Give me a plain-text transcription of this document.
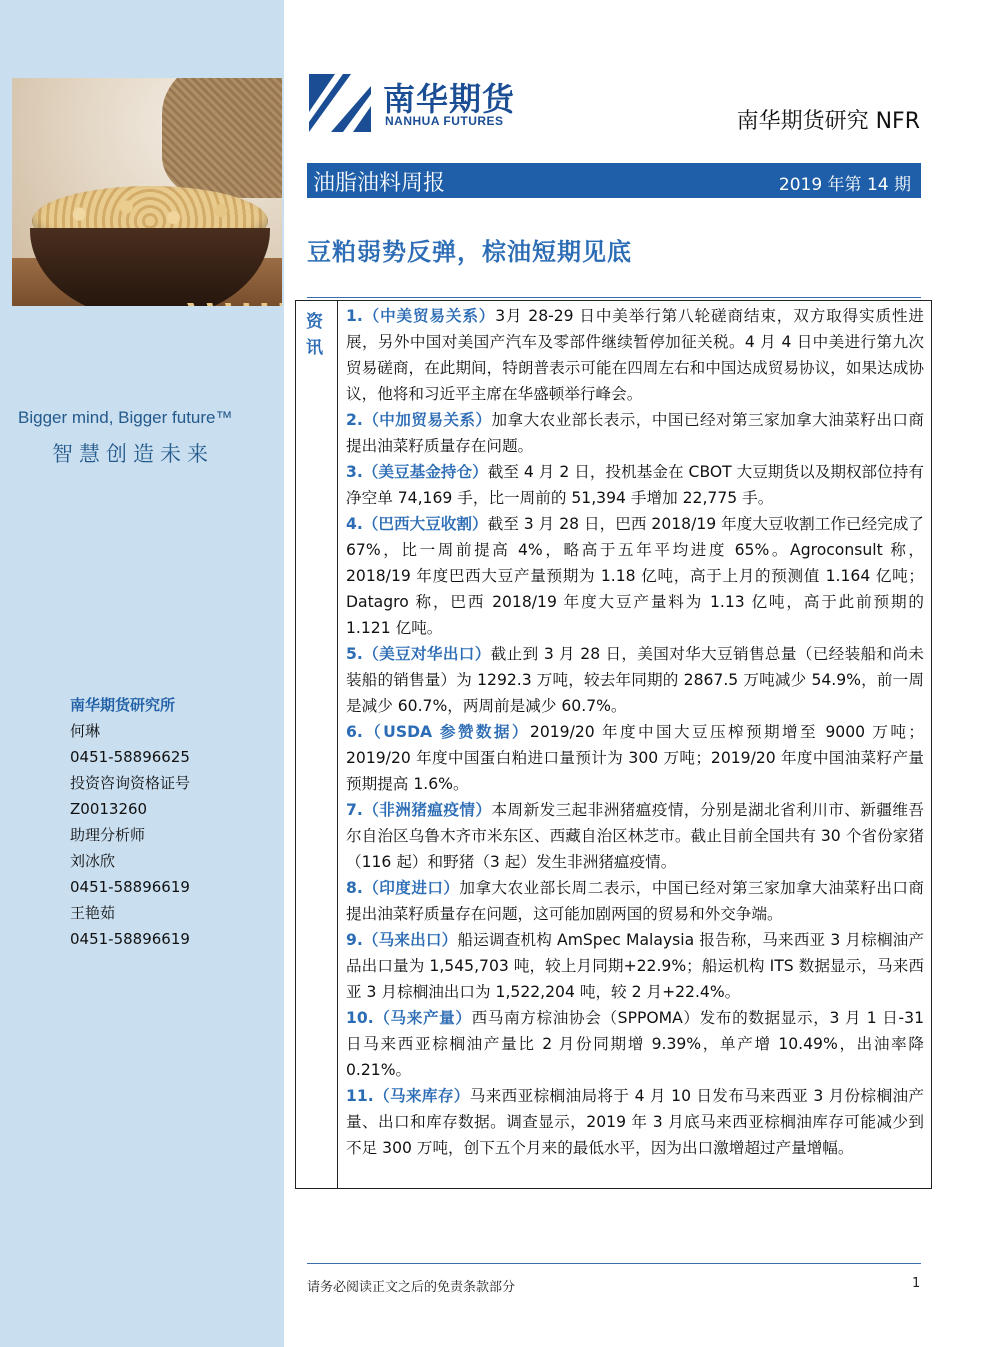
Bigger mind, Bigger future™
智慧创造未来
南华期货研究所
何琳
0451-58896625
投资咨询资格证号
Z0013260
助理分析师
刘冰欣
0451-58896619
王艳茹
0451-58896619
南华期货
NANHUA FUTURES	南华期货研究 NFR
油脂油料周报	2019 年第 14 期
豆粕弱势反弹，棕油短期见底
资
讯

1.（中美贸易关系）3月 28-29 日中美举行第八轮磋商结束，双方取得实质性进展，另外中国对美国产汽车及零部件继续暂停加征关税。4 月 4 日中美进行第九次贸易磋商，在此期间，特朗普表示可能在四周左右和中国达成贸易协议，如果达成协议，他将和习近平主席在华盛顿举行峰会。

2.（中加贸易关系）加拿大农业部长表示，中国已经对第三家加拿大油菜籽出口商提出油菜籽质量存在问题。

3.（美豆基金持仓）截至 4 月 2 日，投机基金在 CBOT 大豆期货以及期权部位持有净空单 74,169 手，比一周前的 51,394 手增加 22,775 手。

4.（巴西大豆收割）截至 3 月 28 日，巴西 2018/19 年度大豆收割工作已经完成了 67%，比一周前提高 4%，略高于五年平均进度 65%。Agroconsult 称，2018/19 年度巴西大豆产量预期为 1.18 亿吨，高于上月的预测值 1.164 亿吨；Datagro 称，巴西 2018/19 年度大豆产量料为 1.13 亿吨，高于此前预期的 1.121 亿吨。

5.（美豆对华出口）截止到 3 月 28 日，美国对华大豆销售总量（已经装船和尚未装船的销售量）为 1292.3 万吨，较去年同期的 2867.5 万吨减少 54.9%，前一周是减少 60.7%，两周前是减少 60.7%。

6.（USDA 参赞数据）2019/20 年度中国大豆压榨预期增至 9000 万吨；2019/20 年度中国蛋白粕进口量预计为 300 万吨；2019/20 年度中国油菜籽产量预期提高 1.6%。

7.（非洲猪瘟疫情）本周新发三起非洲猪瘟疫情，分别是湖北省利川市、新疆维吾尔自治区乌鲁木齐市米东区、西藏自治区林芝市。截止目前全国共有 30 个省份家猪（116 起）和野猪（3 起）发生非洲猪瘟疫情。

8.（印度进口）加拿大农业部长周二表示，中国已经对第三家加拿大油菜籽出口商提出油菜籽质量存在问题，这可能加剧两国的贸易和外交争端。

9.（马来出口）船运调查机构 AmSpec Malaysia 报告称，马来西亚 3 月棕榈油产品出口量为 1,545,703 吨，较上月同期+22.9%；船运机构 ITS 数据显示，马来西亚 3 月棕榈油出口为 1,522,204 吨，较 2 月+22.4%。

10.（马来产量）西马南方棕油协会（SPPOMA）发布的数据显示，3 月 1 日-31 日马来西亚棕榈油产量比 2 月份同期增 9.39%，单产增 10.49%，出油率降 0.21%。

11.（马来库存）马来西亚棕榈油局将于 4 月 10 日发布马来西亚 3 月份棕榈油产量、出口和库存数据。调查显示，2019 年 3 月底马来西亚棕榈油库存可能减少到不足 300 万吨，创下五个月来的最低水平，因为出口激增超过产量增幅。

请务必阅读正文之后的免责条款部分	1
